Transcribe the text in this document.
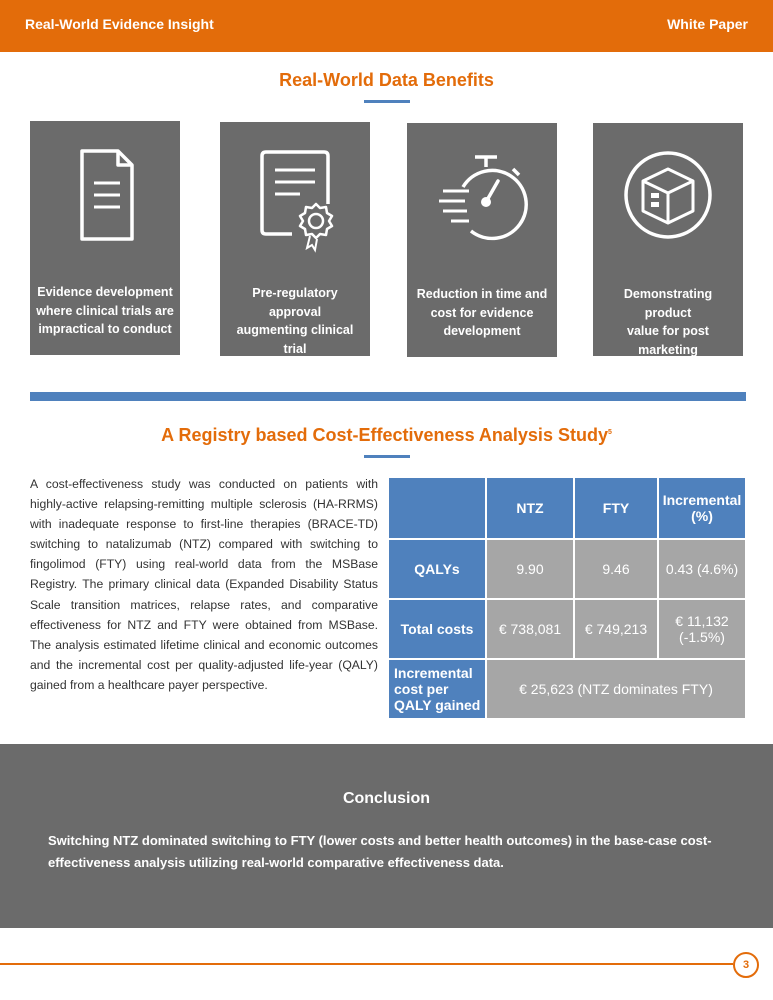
Real-World Evidence Insight	White Paper
Real-World Data Benefits
Evidence development
where clinical trials are
impractical to conduct
Pre-regulatory approval
augmenting clinical trial
data with real world data
Reduction in time and
cost for evidence
development
Demonstrating product
value for post marketing
authorization
A Registry based Cost-Effectiveness Analysis Study$^5$
A cost-effectiveness study was conducted on patients with highly-active relapsing-remitting multiple sclerosis (HA-RRMS) with inadequate response to first-line therapies (BRACE-TD) switching to natalizumab (NTZ) compared with switching to fingolimod (FTY) using real-world data from the MSBase Registry. The primary clinical data (Expanded Disability Status Scale transition matrices, relapse rates, and comparative effectiveness for NTZ and FTY were obtained from MSBase. The analysis estimated lifetime clinical and economic outcomes and the incremental cost per quality-adjusted life-year (QALY) gained from a healthcare payer perspective.
	NTZ	FTY	Incremental (%)
QALYs	9.90	9.46	0.43 (4.6%)
Total costs	€ 738,081	€ 749,213	€ 11,132 (-1.5%)
Incremental cost per QALY gained	€ 25,623 (NTZ dominates FTY)		
Conclusion
Switching NTZ dominated switching to FTY (lower costs and better health outcomes) in the base-case cost-effectiveness analysis utilizing real-world comparative effectiveness data.
3
